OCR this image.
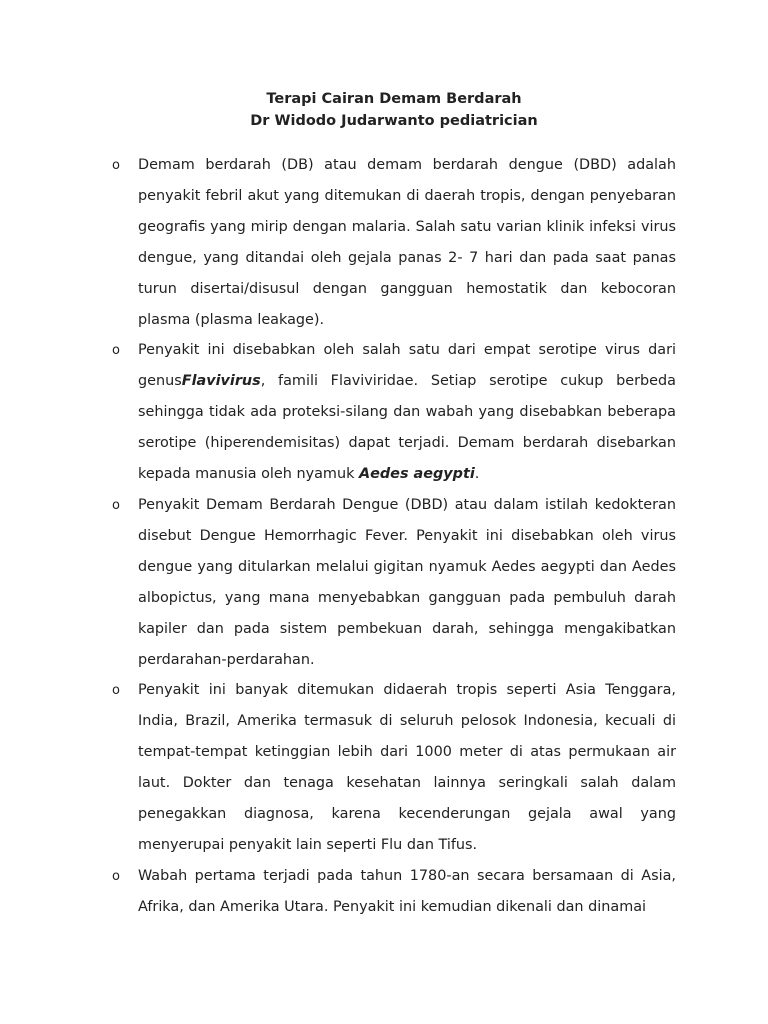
Terapi Cairan Demam Berdarah
Dr Widodo Judarwanto pediatrician
o Demam berdarah (DB) atau demam berdarah dengue (DBD) adalah penyakit febril akut yang ditemukan di daerah tropis, dengan penyebaran geografis yang mirip dengan malaria. Salah satu varian klinik infeksi virus dengue, yang ditandai oleh gejala panas 2- 7 hari dan pada saat panas turun disertai/disusul dengan gangguan hemostatik dan kebocoran plasma (plasma leakage).
o Penyakit ini disebabkan oleh salah satu dari empat serotipe virus dari genusFlavivirus, famili Flaviviridae. Setiap serotipe cukup berbeda sehingga tidak ada proteksi-silang dan wabah yang disebabkan beberapa serotipe (hiperendemisitas) dapat terjadi. Demam berdarah disebarkan kepada manusia oleh nyamuk Aedes aegypti.
o Penyakit Demam Berdarah Dengue (DBD) atau dalam istilah kedokteran disebut Dengue Hemorrhagic Fever. Penyakit ini disebabkan oleh virus dengue yang ditularkan melalui gigitan nyamuk Aedes aegypti dan Aedes albopictus, yang mana menyebabkan gangguan pada pembuluh darah kapiler dan pada sistem pembekuan darah, sehingga mengakibatkan perdarahan-perdarahan.
o Penyakit ini banyak ditemukan didaerah tropis seperti Asia Tenggara, India, Brazil, Amerika termasuk di seluruh pelosok Indonesia, kecuali di tempat-tempat ketinggian lebih dari 1000 meter di atas permukaan air laut. Dokter dan tenaga kesehatan lainnya seringkali salah dalam penegakkan diagnosa, karena kecenderungan gejala awal yang menyerupai penyakit lain seperti Flu dan Tifus.
o Wabah pertama terjadi pada tahun 1780-an secara bersamaan di Asia, Afrika, dan Amerika Utara. Penyakit ini kemudian dikenali dan dinamai
